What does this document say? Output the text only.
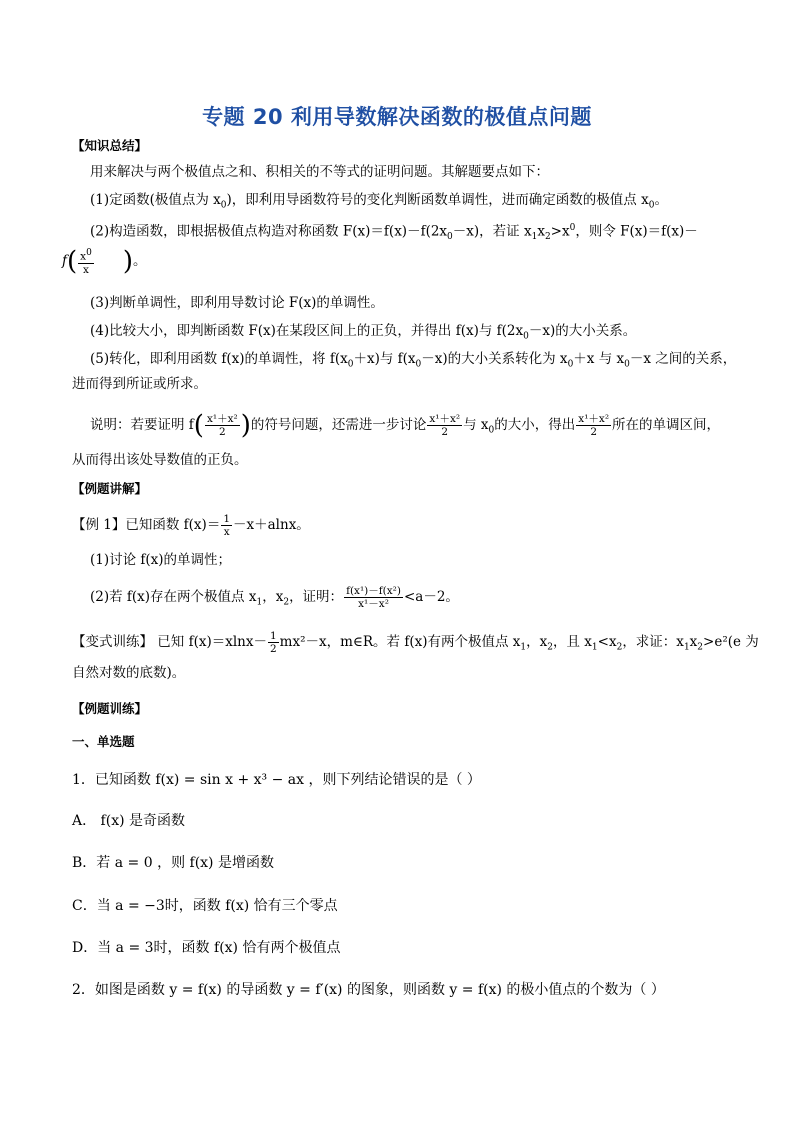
专题 20 利用导数解决函数的极值点问题
【知识总结】
用来解决与两个极值点之和、积相关的不等式的证明问题。其解题要点如下：
(1)定函数(极值点为 $x_0$)，即利用导函数符号的变化判断函数单调性，进而确定函数的极值点 $x_0$。
(2)构造函数，即根据极值点构造对称函数 $F(x)=f(x)-f(2x_0-x)$，若证 $x_1x_2>x^0$，则令 F(x)＝f(x)－
$f( \frac{x0}{x}$ )。
(3)判断单调性，即利用导数讨论 F(x)的单调性。
(4)比较大小，即判断函数 F(x)在某段区间上的正负，并得出 f(x)与 $f(2x_0-x)$的大小关系。
(5)转化，即利用函数 f(x)的单调性，将 $f(x_0+x)$与 $f(x_0-x)$的大小关系转化为 $x_0+x$ 与 $x_0-x$ 之间的关系，
进而得到所证或所求。
说明：若要证明 $f( \frac{\text{x¹＋x²}}{2}$ )的符号问题，还需进一步讨论 $\frac{\text{x¹＋x²}}{2}$ 与 $x_0$的大小，得出 $\frac{\text{x¹＋x²}}{2}$ 所在的单调区间，
从而得出该处导数值的正负。
【例题讲解】
【例 1】已知函数 $f(x)= \frac{1}{x} -x+alnx$。
(1)讨论 f(x)的单调性；
(2)若 f(x)存在两个极值点 $x_1$，$x_2$，证明： $\frac{\text{f(x¹)－f(x²)}}{\text{x¹－x²}} <a-2$。
【变式训练】 已知 $f(x)=xlnx- \frac{1}{2} mx^2-x$，m∈R。若 f(x)有两个极值点 $x_1$，$x_2$，且 $x_1<x_2$，求证：$x_1x_2>e^2(e$ 为
自然对数的底数)。
【例题训练】
一、单选题
1．已知函数 f(x) = sin x + x³ − ax ，则下列结论错误的是（ ）
A． f(x) 是奇函数
B．若 a = 0 ，则 f(x) 是增函数
C．当 a = −3时，函数 f(x) 恰有三个零点
D．当 a = 3时，函数 f(x) 恰有两个极值点
2．如图是函数 y = f(x) 的导函数 y = f′(x) 的图象，则函数 y = f(x) 的极小值点的个数为（ ）
